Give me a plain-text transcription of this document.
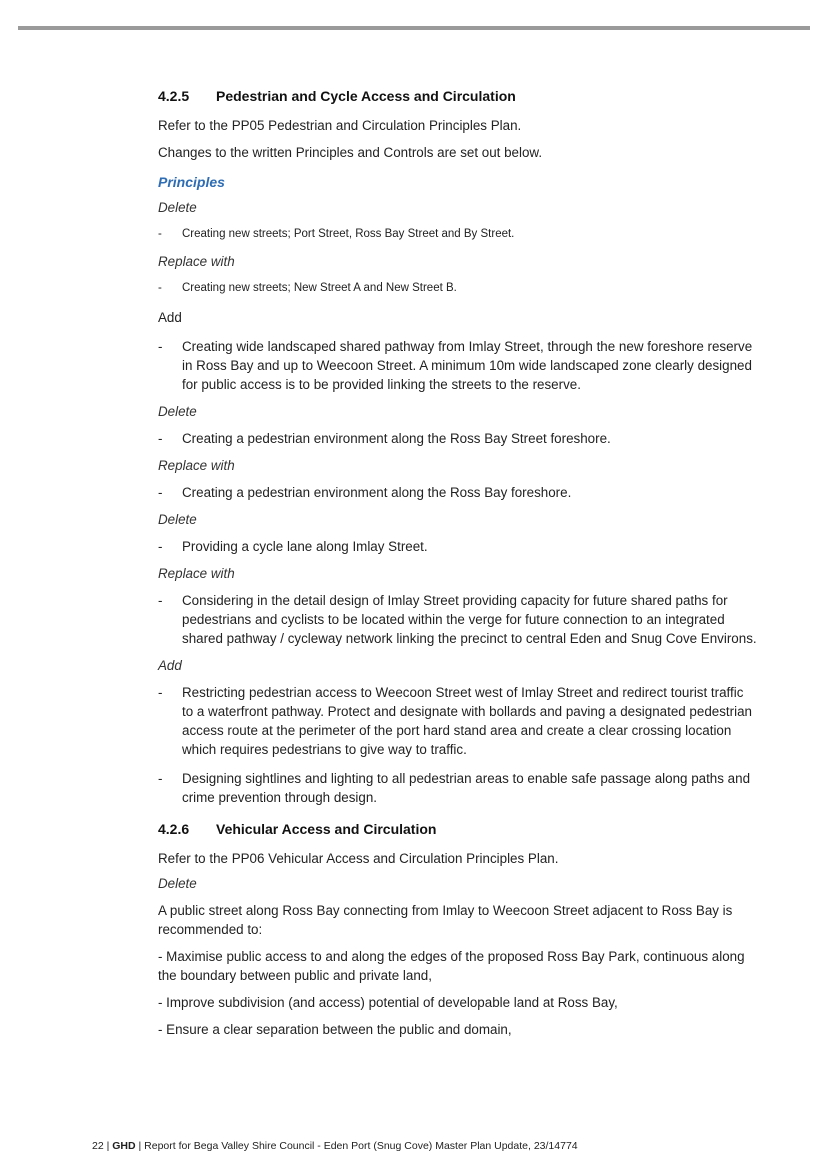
4.2.5	Pedestrian and Cycle Access and Circulation

Refer to the PP05 Pedestrian and Circulation Principles Plan.

Changes to the written Principles and Controls are set out below.

Principles

Delete

- Creating new streets; Port Street, Ross Bay Street and By Street.

Replace with

- Creating new streets; New Street A and New Street B.

Add

- Creating wide landscaped shared pathway from Imlay Street, through the new foreshore reserve in Ross Bay and up to Weecoon Street. A minimum 10m wide landscaped zone clearly designed for public access is to be provided linking the streets to the reserve.

Delete

- Creating a pedestrian environment along the Ross Bay Street foreshore.

Replace with

- Creating a pedestrian environment along the Ross Bay foreshore.

Delete

- Providing a cycle lane along Imlay Street.

Replace with

- Considering in the detail design of Imlay Street providing capacity for future shared paths for pedestrians and cyclists to be located within the verge for future connection to an integrated shared pathway / cycleway network linking the precinct to central Eden and Snug Cove Environs.

Add

- Restricting pedestrian access to Weecoon Street west of Imlay Street and redirect tourist traffic to a waterfront pathway. Protect and designate with bollards and paving a designated pedestrian access route at the perimeter of the port hard stand area and create a clear crossing location which requires pedestrians to give way to traffic.

- Designing sightlines and lighting to all pedestrian areas to enable safe passage along paths and crime prevention through design.

4.2.6	Vehicular Access and Circulation

Refer to the PP06 Vehicular Access and Circulation Principles Plan.

Delete

A public street along Ross Bay connecting from Imlay to Weecoon Street adjacent to Ross Bay is recommended to:

- Maximise public access to and along the edges of the proposed Ross Bay Park, continuous along the boundary between public and private land,

- Improve subdivision (and access) potential of developable land at Ross Bay,

- Ensure a clear separation between the public and domain,

22 | GHD | Report for Bega Valley Shire Council - Eden Port (Snug Cove) Master Plan Update, 23/14774
